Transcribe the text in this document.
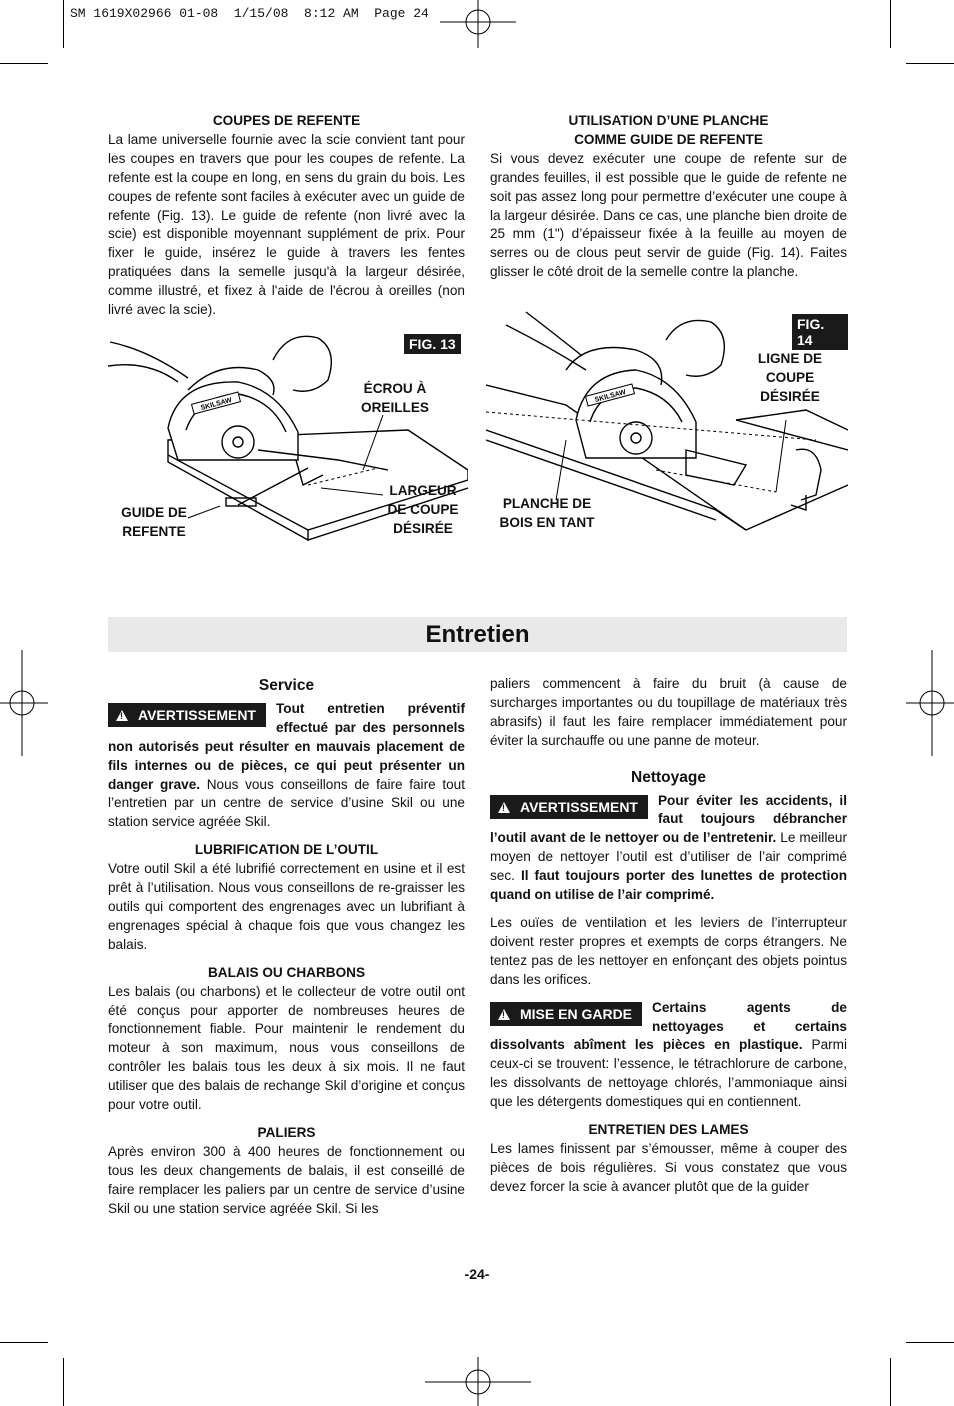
SM 1619X02966 01-08  1/15/08  8:12 AM  Page 24
COUPES DE REFENTE

La lame universelle fournie avec la scie convient tant pour les coupes en travers que pour les coupes de refente. La refente est la coupe en long, en sens du grain du bois. Les coupes de refente sont faciles à exécuter avec un guide de refente (Fig. 13). Le guide de refente (non livré avec la scie) est disponible moyennant supplément de prix. Pour fixer le guide, insérez le guide à travers les fentes pratiquées dans la semelle jusqu'à la largeur désirée, comme illustré, et fixez à l'aide de l'écrou à oreilles (non livré avec la scie).

UTILISATION D’UNE PLANCHE
COMME GUIDE DE REFENTE

Si vous devez exécuter une coupe de refente sur de grandes feuilles, il est possible que le guide de refente ne soit pas assez long pour permettre d’exécuter une coupe à la largeur désirée. Dans ce cas, une planche bien droite de 25 mm (1") d’épaisseur fixée à la feuille au moyen de serres ou de clous peut servir de guide (Fig. 14). Faites glisser le côté droit de la semelle contre la planche.

SKILSAW
FIG. 13
ÉCROU À
OREILLES
LARGEUR
DE COUPE
DÉSIRÉE
GUIDE DE
REFENTE
SKILSAW
FIG. 14
LIGNE DE
COUPE
DÉSIRÉE
PLANCHE DE
BOIS EN TANT
Entretien
Service

!AVERTISSEMENT	Tout entretien préventif effectué par des personnels non autorisés peut résulter en mauvais placement de fils internes ou de pièces, ce qui peut présenter un danger grave. Nous vous conseillons de faire faire tout l’entretien par un centre de service d’usine Skil ou une station service agréée Skil.

LUBRIFICATION DE L’OUTIL

Votre outil Skil a été lubrifié correctement en usine et il est prêt à l’utilisation. Nous vous conseillons de re-graisser les outils qui comportent des engrenages avec un lubrifiant à engrenages spécial à chaque fois que vous changez les balais.

BALAIS OU CHARBONS

Les balais (ou charbons) et le collecteur de votre outil ont été conçus pour apporter de nombreuses heures de fonctionnement fiable. Pour maintenir le rendement du moteur à son maximum, nous vous conseillons de contrôler les balais tous les deux à six mois. Il ne faut utiliser que des balais de rechange Skil d’origine et conçus pour votre outil.

PALIERS

Après environ 300 à 400 heures de fonctionnement ou tous les deux changements de balais, il est conseillé de faire remplacer les paliers par un centre de service d’usine Skil ou une station service agréée Skil. Si les

paliers commencent à faire du bruit (à cause de surcharges importantes ou du toupillage de matériaux très abrasifs) il faut les faire remplacer immédiatement pour éviter la surchauffe ou une panne de moteur.

Nettoyage

!AVERTISSEMENT	Pour éviter les accidents, il faut toujours débrancher l’outil avant de le nettoyer ou de l’entretenir. Le meilleur moyen de nettoyer l’outil est d’utiliser de l’air comprimé sec. Il faut toujours porter des lunettes de protection quand on utilise de l’air comprimé.

Les ouïes de ventilation et les leviers de l’interrupteur doivent rester propres et exempts de corps étrangers. Ne tentez pas de les nettoyer en enfonçant des objets pointus dans les orifices.

!MISE EN GARDE	Certains agents de nettoyages et certains dissolvants abîment les pièces en plastique. Parmi ceux-ci se trouvent: l’essence, le tétrachlorure de carbone, les dissolvants de nettoyage chlorés, l’ammoniaque ainsi que les détergents domestiques qui en contiennent.

ENTRETIEN DES LAMES

Les lames finissent par s’émousser, même à couper des pièces de bois régulières. Si vous constatez que vous devez forcer la scie à avancer plutôt que de la guider

-24-
